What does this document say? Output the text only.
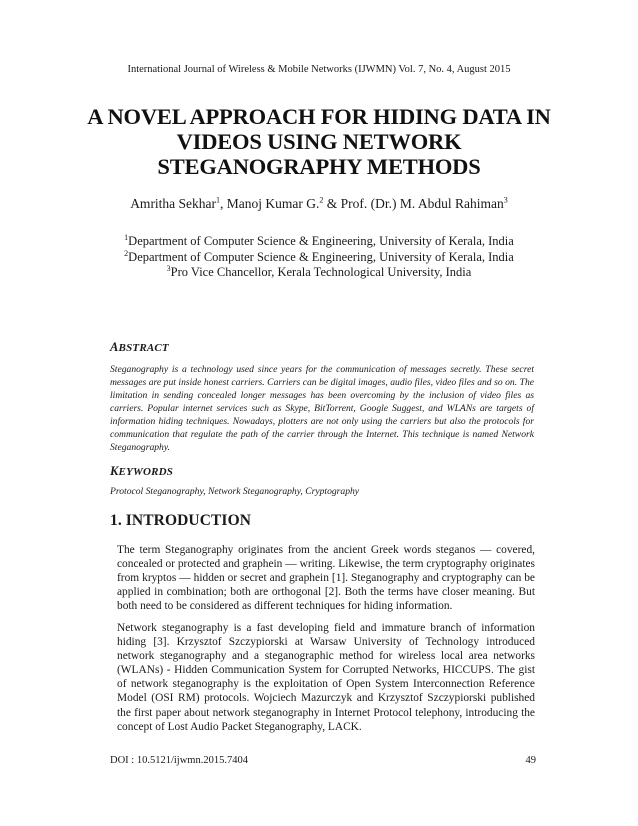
International Journal of Wireless & Mobile Networks (IJWMN) Vol. 7, No. 4, August 2015
A NOVEL APPROACH FOR HIDING DATA IN
VIDEOS USING NETWORK
STEGANOGRAPHY METHODS
Amritha Sekhar$^1$, Manoj Kumar G.$^2$ & Prof. (Dr.) M. Abdul Rahiman$^3$
$^1$Department of Computer Science & Engineering, University of Kerala, India
$^2$Department of Computer Science & Engineering, University of Kerala, India
$^3$Pro Vice Chancellor, Kerala Technological University, India
ABSTRACT
Steganography is a technology used since years for the communication of messages secretly. These secret messages are put inside honest carriers. Carriers can be digital images, audio files, video files and so on. The limitation in sending concealed longer messages has been overcoming by the inclusion of video files as carriers. Popular internet services such as Skype, BitTorrent, Google Suggest, and WLANs are targets of information hiding techniques. Nowadays, plotters are not only using the carriers but also the protocols for communication that regulate the path of the carrier through the Internet. This technique is named Network Steganography.
KEYWORDS
Protocol Steganography, Network Steganography, Cryptography
1. INTRODUCTION
The term Steganography originates from the ancient Greek words steganos ― covered, concealed or protected and graphein ― writing. Likewise, the term cryptography originates from kryptos ― hidden or secret and graphein [1]. Steganography and cryptography can be applied in combination; both are orthogonal [2]. Both the terms have closer meaning. But both need to be considered as different techniques for hiding information.
Network steganography is a fast developing field and immature branch of information hiding [3]. Krzysztof Szczypiorski at Warsaw University of Technology introduced network steganography and a steganographic method for wireless local area networks (WLANs) - Hidden Communication System for Corrupted Networks, HICCUPS. The gist of network steganography is the exploitation of Open System Interconnection Reference Model (OSI RM) protocols. Wojciech Mazurczyk and Krzysztof Szczypiorski published the first paper about network steganography in Internet Protocol telephony, introducing the concept of Lost Audio Packet Steganography, LACK.
DOI : 10.5121/ijwmn.2015.7404	49
